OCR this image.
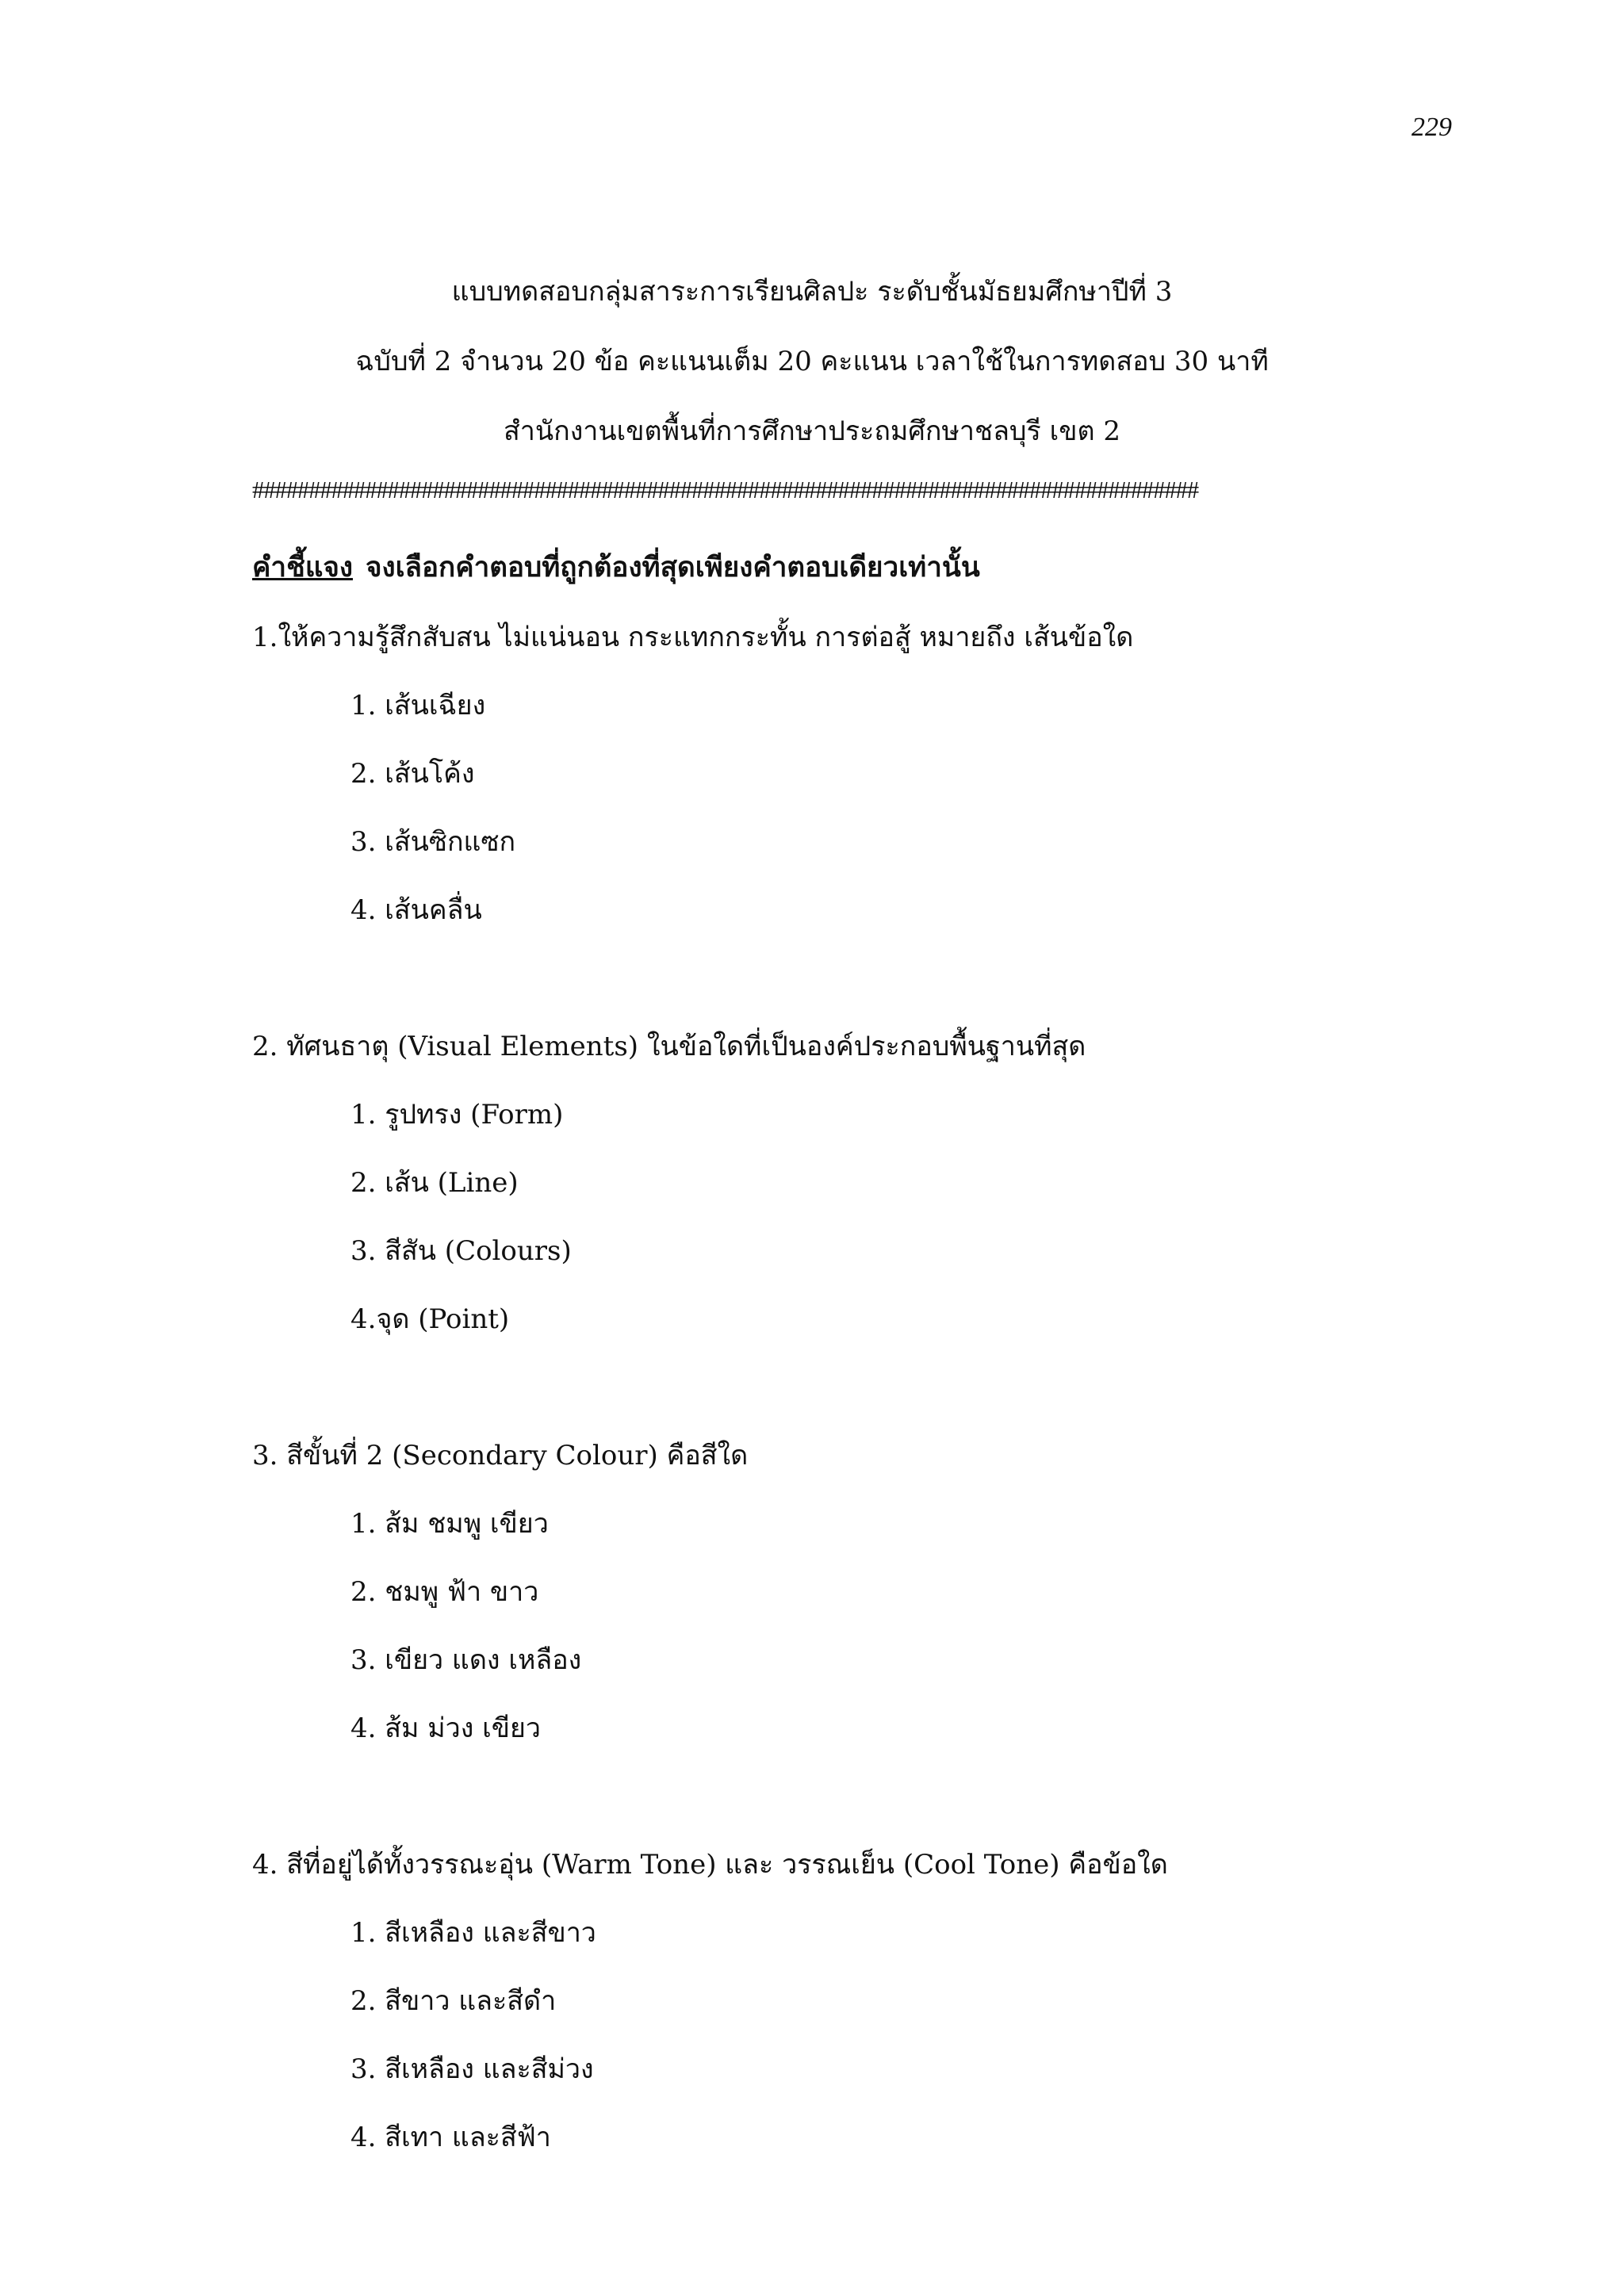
229
แบบทดสอบกลุ่มสาระการเรียนศิลปะ ระดับชั้นมัธยมศึกษาปีที่ 3
ฉบับที่ 2 จำนวน 20 ข้อ คะแนนเต็ม 20 คะแนน เวลาใช้ในการทดสอบ 30 นาที
สำนักงานเขตพื้นที่การศึกษาประถมศึกษาชลบุรี เขต 2
####################################################################################
คำชี้แจง จงเลือกคำตอบที่ถูกต้องที่สุดเพียงคำตอบเดียวเท่านั้น
1.ให้ความรู้สึกสับสน ไม่แน่นอน กระแทกกระทั้น การต่อสู้ หมายถึง เส้นข้อใด
1. เส้นเฉียง
2. เส้นโค้ง
3. เส้นซิกแซก
4. เส้นคลื่น
2. ทัศนธาตุ (Visual Elements) ในข้อใดที่เป็นองค์ประกอบพื้นฐานที่สุด
1. รูปทรง (Form)
2. เส้น (Line)
3. สีสัน (Colours)
4.จุด (Point)
3. สีขั้นที่ 2 (Secondary Colour) คือสีใด
1. ส้ม ชมพู เขียว
2. ชมพู ฟ้า ขาว
3. เขียว แดง เหลือง
4. ส้ม ม่วง เขียว
4. สีที่อยู่ได้ทั้งวรรณะอุ่น (Warm Tone) และ วรรณเย็น (Cool Tone) คือข้อใด
1. สีเหลือง และสีขาว
2. สีขาว และสีดำ
3. สีเหลือง และสีม่วง
4. สีเทา และสีฟ้า
